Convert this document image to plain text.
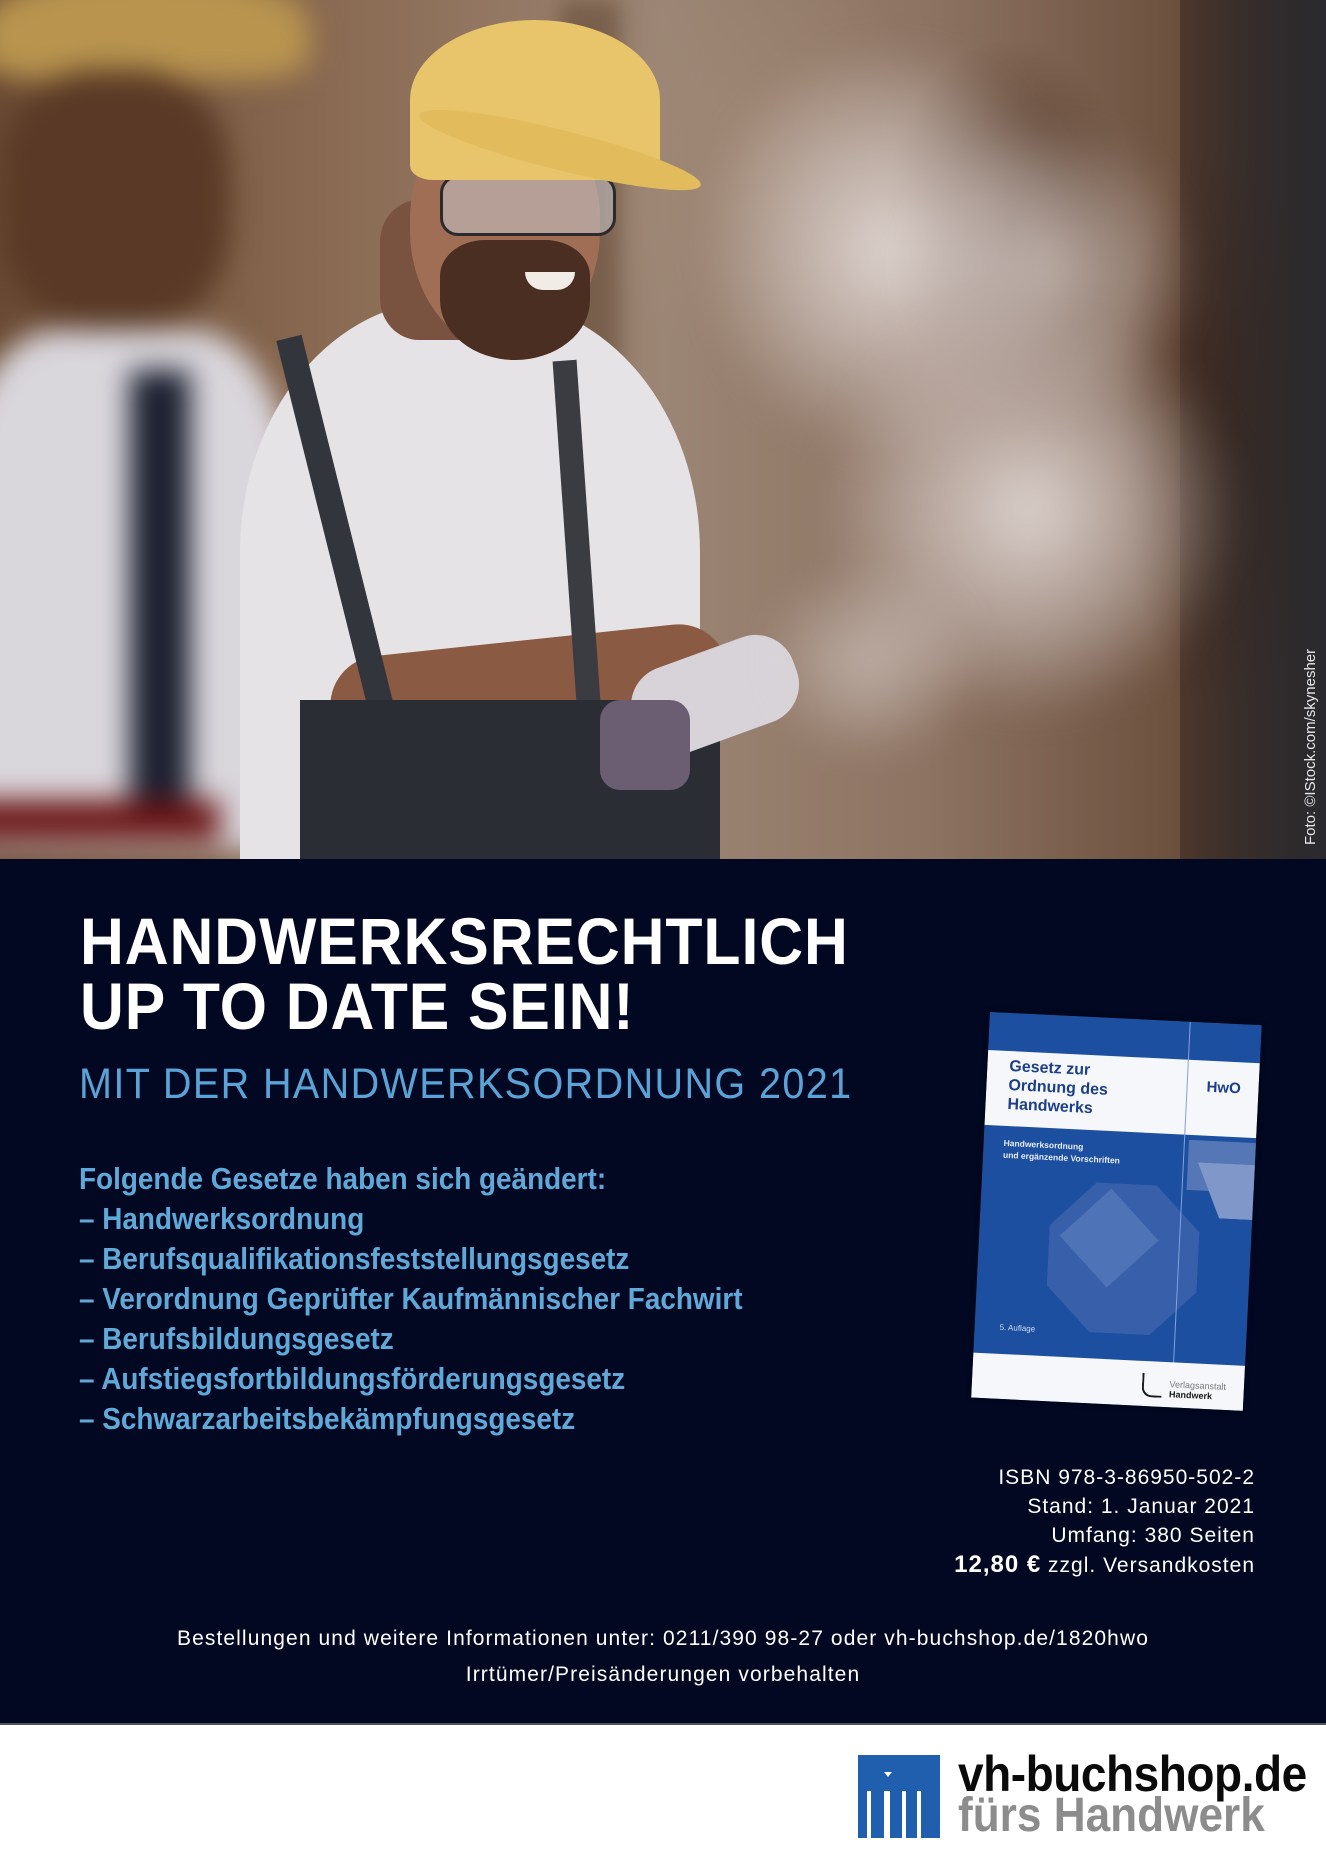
Foto: ©IStock.com/skynesher
HANDWERKSRECHTLICH
UP TO DATE SEIN!
MIT DER HANDWERKSORDNUNG 2021

Folgende Gesetze haben sich geändert:

– Handwerksordnung
– Berufsqualifikationsfeststellungsgesetz
– Verordnung Geprüfter Kaufmännischer Fachwirt
– Berufsbildungsgesetz
– Aufstiegsfortbildungsförderungsgesetz
– Schwarzarbeitsbekämpfungsgesetz

Gesetz zur
Ordnung des
Handwerks

HwO
Handwerksordnung
und ergänzende Vorschriften
5. Auflage
Verlagsanstalt
Handwerk
ISBN 978-3-86950-502-2
Stand: 1. Januar 2021
Umfang: 380 Seiten
12,80 € zzgl. Versandkosten
Bestellungen und weitere Informationen unter: 0211/390 98-27 oder vh-buchshop.de/1820hwo
Irrtümer/Preisänderungen vorbehalten

vh-buchshop.de

fürs Handwerk
